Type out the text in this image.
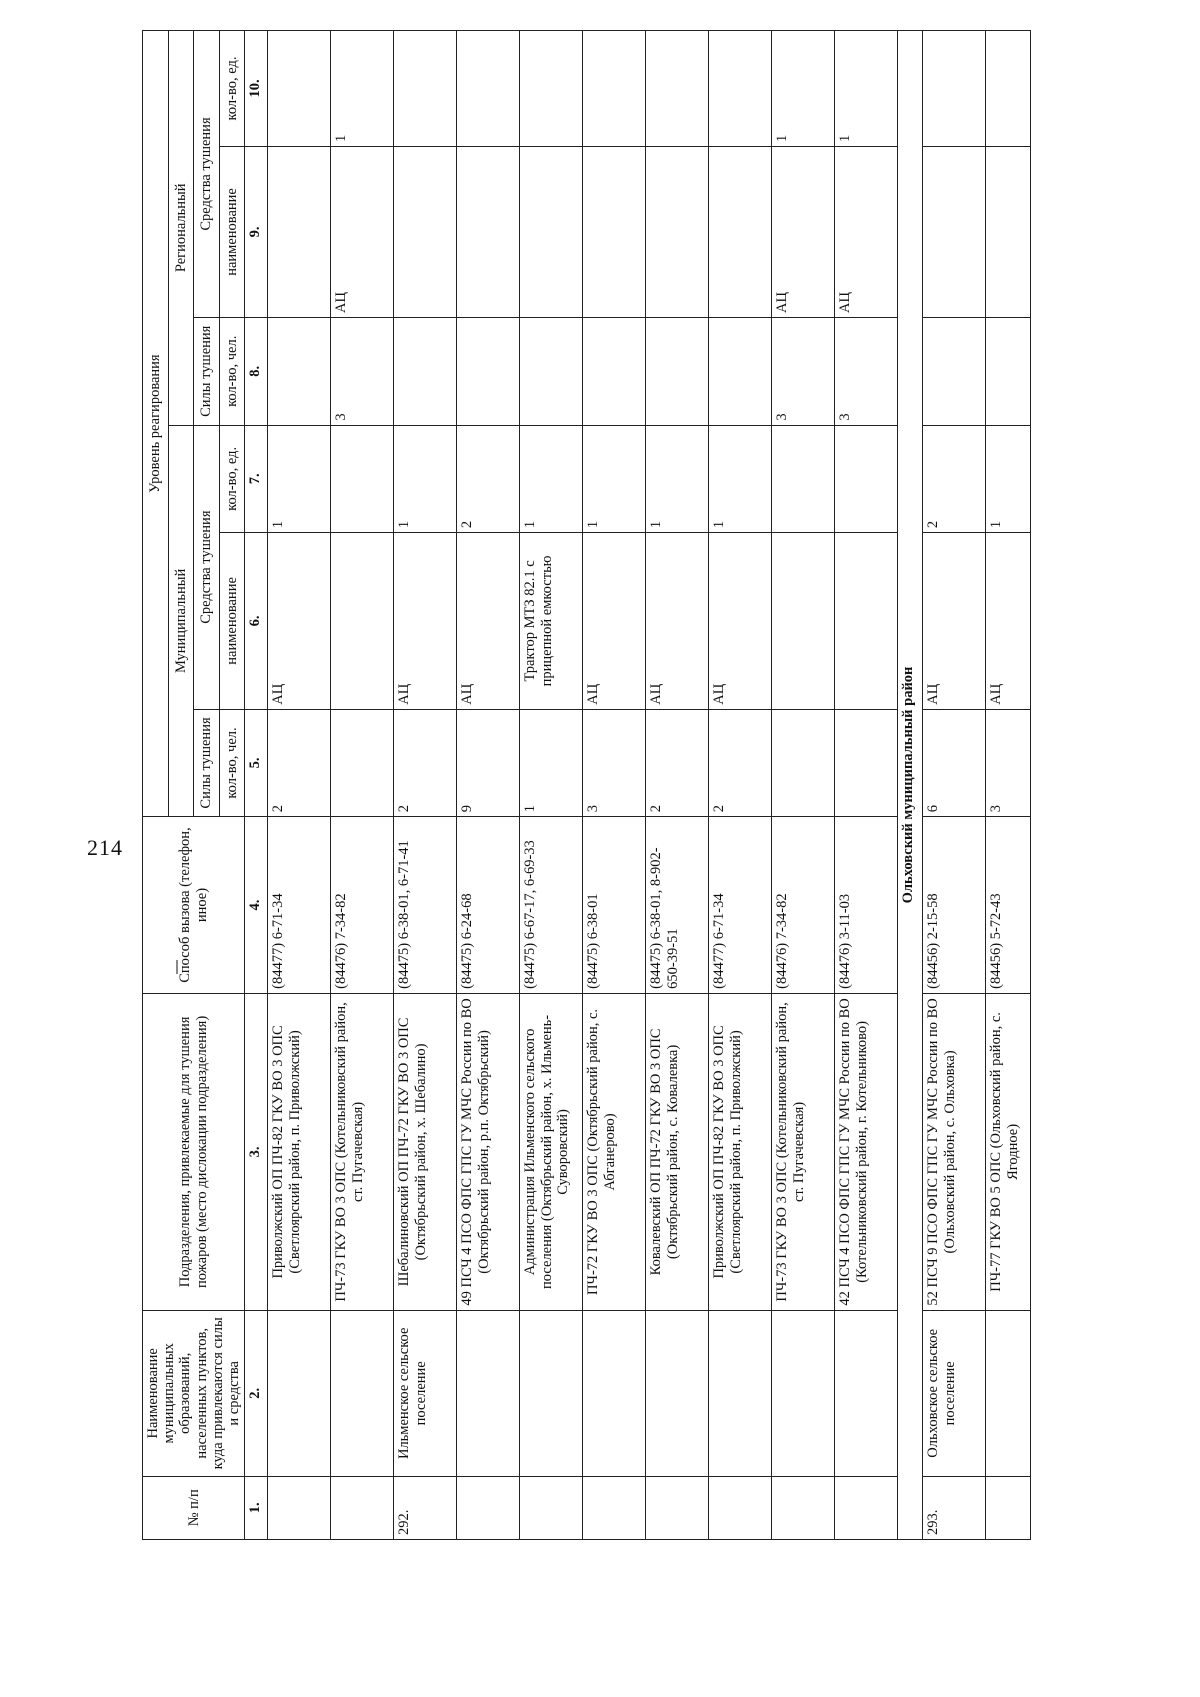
214
№ п/п	Наименование муниципальных образований, населенных пунктов, куда привлекаются силы и средства	Подразделения, привлекаемые для тушения пожаров (место дислокации подразделения)	Способ вызова (телефон, иное)	Уровень реагирования					
				Муниципальный			Региональный		
				Силы тушения	Средства тушения		Силы тушения	Средства тушения	
				кол-во, чел.	наименование	кол-во, ед.	кол-во, чел.	наименование	кол-во, ед.
1.	2.	3.	4.	5.	6.	7.	8.	9.	10.
		Приволжский ОП ПЧ-82 ГКУ ВО 3 ОПС (Светлоярский район, п. Приволжский)	(84477) 6-71-34	2	АЦ	1			
		ПЧ-73 ГКУ ВО 3 ОПС (Котельниковский район, ст. Пугачевская)	(84476) 7-34-82				3	АЦ	1
292.	Ильменское сельское поселение	Шебалиновский ОП ПЧ-72 ГКУ ВО 3 ОПС (Октябрьский район, х. Шебалино)	(84475) 6-38-01, 6-71-41	2	АЦ	1			
		49 ПСЧ 4 ПСО ФПС ГПС ГУ МЧС России по ВО (Октябрьский район, р.п. Октябрьский)	(84475) 6-24-68	9	АЦ	2			
		Администрация Ильменского сельского поселения (Октябрьский район, х. Ильмень-Суворовский)	(84475) 6-67-17, 6-69-33	1	Трактор МТЗ 82.1 с прицепной емкостью	1			
		ПЧ-72 ГКУ ВО 3 ОПС (Октябрьский район, с. Абганерово)	(84475) 6-38-01	3	АЦ	1			
		Ковалевский ОП ПЧ-72 ГКУ ВО 3 ОПС (Октябрьский район, с. Ковалевка)	(84475) 6-38-01, 8-902-650-39-51	2	АЦ	1			
		Приволжский ОП ПЧ-82 ГКУ ВО 3 ОПС (Светлоярский район, п. Приволжский)	(84477) 6-71-34	2	АЦ	1			
		ПЧ-73 ГКУ ВО 3 ОПС (Котельниковский район, ст. Пугачевская)	(84476) 7-34-82				3	АЦ	1
		42 ПСЧ 4 ПСО ФПС ГПС ГУ МЧС России по ВО (Котельниковский район, г. Котельниково)	(84476) 3-11-03				3	АЦ	1
Ольховский муниципальный район									
293.	Ольховское сельское поселение	52 ПСЧ 9 ПСО ФПС ГПС ГУ МЧС России по ВО (Ольховский район, с. Ольховка)	(84456) 2-15-58	6	АЦ	2			
		ПЧ-77 ГКУ ВО 5 ОПС (Ольховский район, с. Ягодное)	(84456) 5-72-43	3	АЦ	1			
